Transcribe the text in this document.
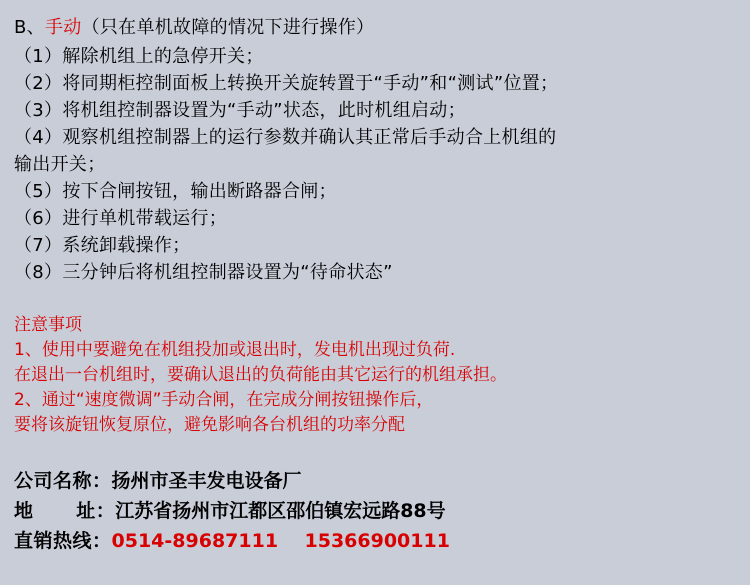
B、手动（只在单机故障的情况下进行操作）
（1）解除机组上的急停开关；
（2）将同期柜控制面板上转换开关旋转置于“手动”和“测试”位置；
（3）将机组控制器设置为“手动”状态，此时机组启动；
（4）观察机组控制器上的运行参数并确认其正常后手动合上机组的
输出开关；
（5）按下合闸按钮，输出断路器合闸；
（6）进行单机带载运行；
（7）系统卸载操作；
（8）三分钟后将机组控制器设置为“待命状态”
注意事项
1、使用中要避免在机组投加或退出时，发电机出现过负荷.
在退出一台机组时，要确认退出的负荷能由其它运行的机组承担。
2、通过“速度微调”手动合闸，在完成分闸按钮操作后，
要将该旋钮恢复原位，避免影响各台机组的功率分配
公司名称：扬州市圣丰发电设备厂
地      址：江苏省扬州市江都区邵伯镇宏远路88号
直销热线：0514-89687111    15366900111
